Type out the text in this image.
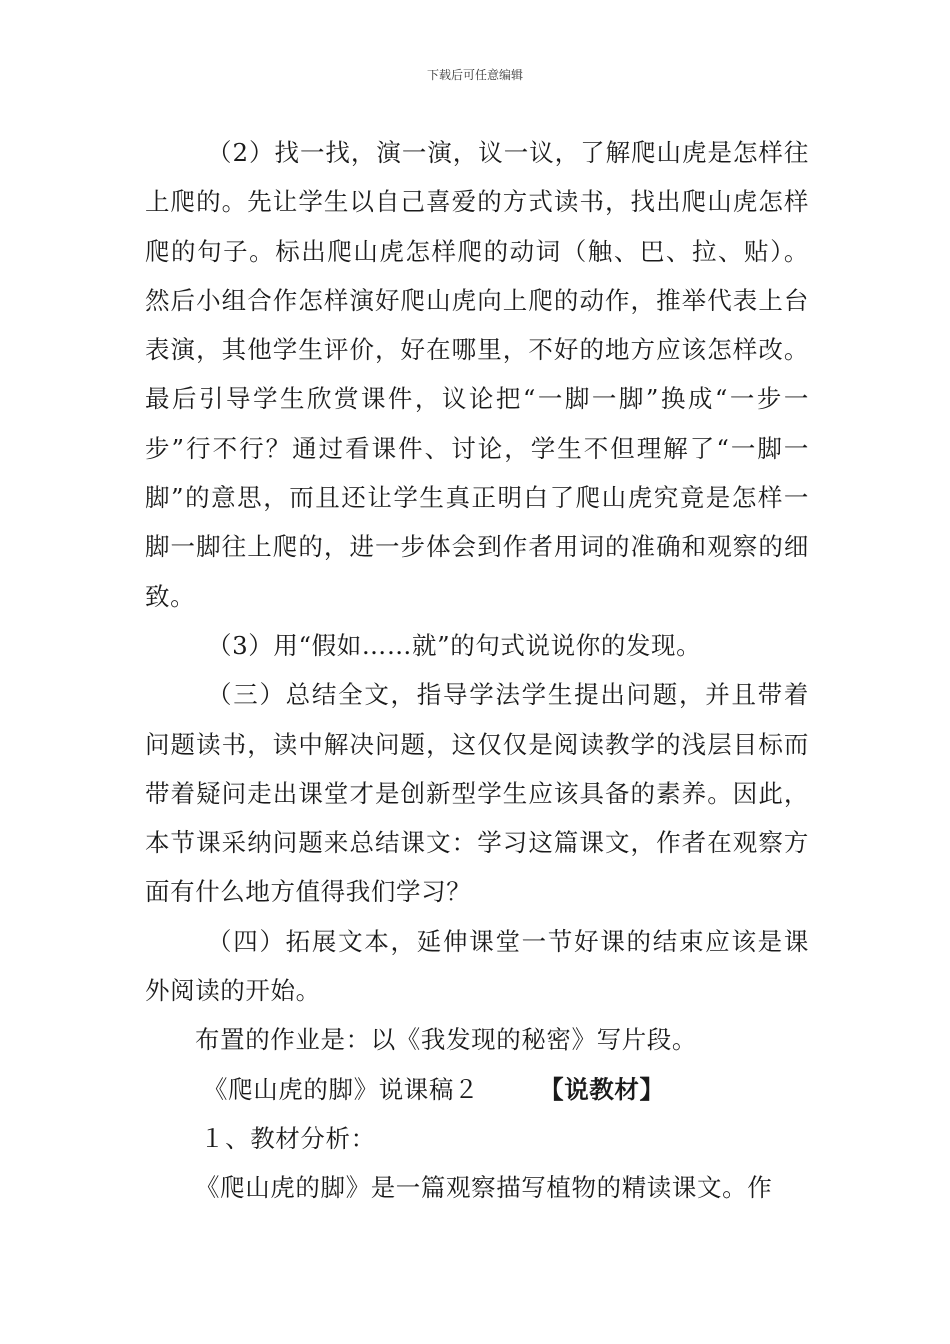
下载后可任意编辑

（2）找一找，演一演，议一议，了解爬山虎是怎样往上爬的。先让学生以自己喜爱的方式读书，找出爬山虎怎样爬的句子。标出爬山虎怎样爬的动词（触、巴、拉、贴）。然后小组合作怎样演好爬山虎向上爬的动作，推举代表上台表演，其他学生评价，好在哪里，不好的地方应该怎样改。最后引导学生欣赏课件，议论把“一脚一脚”换成“一步一步”行不行？通过看课件、讨论，学生不但理解了“一脚一脚”的意思，而且还让学生真正明白了爬山虎究竟是怎样一脚一脚往上爬的，进一步体会到作者用词的准确和观察的细致。

（3）用“假如……就”的句式说说你的发现。

（三）总结全文，指导学法学生提出问题，并且带着问题读书，读中解决问题，这仅仅是阅读教学的浅层目标而带着疑问走出课堂才是创新型学生应该具备的素养。因此，本节课采纳问题来总结课文：学习这篇课文，作者在观察方面有什么地方值得我们学习？

（四）拓展文本，延伸课堂一节好课的结束应该是课外阅读的开始。

布置的作业是：以《我发现的秘密》写片段。

《爬山虎的脚》说课稿２ 【说教材】

１、教材分析：

《爬山虎的脚》是一篇观察描写植物的精读课文。作
